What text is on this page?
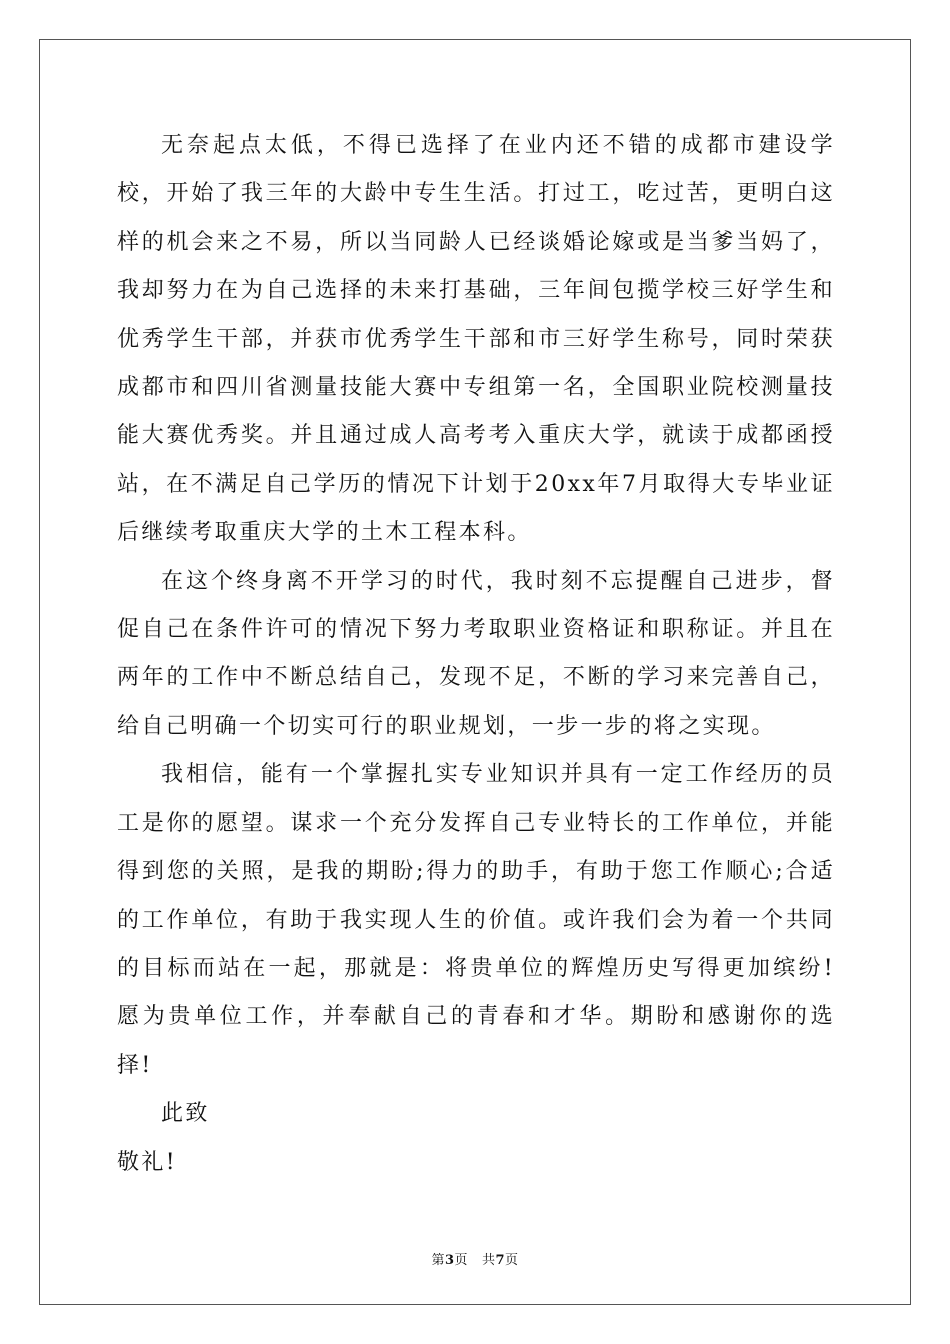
无奈起点太低，不得已选择了在业内还不错的成都市建设学校，开始了我三年的大龄中专生生活。打过工，吃过苦，更明白这样的机会来之不易，所以当同龄人已经谈婚论嫁或是当爹当妈了，我却努力在为自己选择的未来打基础，三年间包揽学校三好学生和优秀学生干部，并获市优秀学生干部和市三好学生称号，同时荣获成都市和四川省测量技能大赛中专组第一名，全国职业院校测量技能大赛优秀奖。并且通过成人高考考入重庆大学，就读于成都函授站，在不满足自己学历的情况下计划于20xx年7月取得大专毕业证后继续考取重庆大学的土木工程本科。

在这个终身离不开学习的时代，我时刻不忘提醒自己进步，督促自己在条件许可的情况下努力考取职业资格证和职称证。并且在两年的工作中不断总结自己，发现不足，不断的学习来完善自己，给自己明确一个切实可行的职业规划，一步一步的将之实现。

我相信，能有一个掌握扎实专业知识并具有一定工作经历的员工是你的愿望。谋求一个充分发挥自己专业特长的工作单位，并能得到您的关照，是我的期盼;得力的助手，有助于您工作顺心;合适的工作单位，有助于我实现人生的价值。或许我们会为着一个共同的目标而站在一起，那就是：将贵单位的辉煌历史写得更加缤纷!愿为贵单位工作，并奉献自己的青春和才华。期盼和感谢你的选择!

此致

敬礼!

第3页 共7页
